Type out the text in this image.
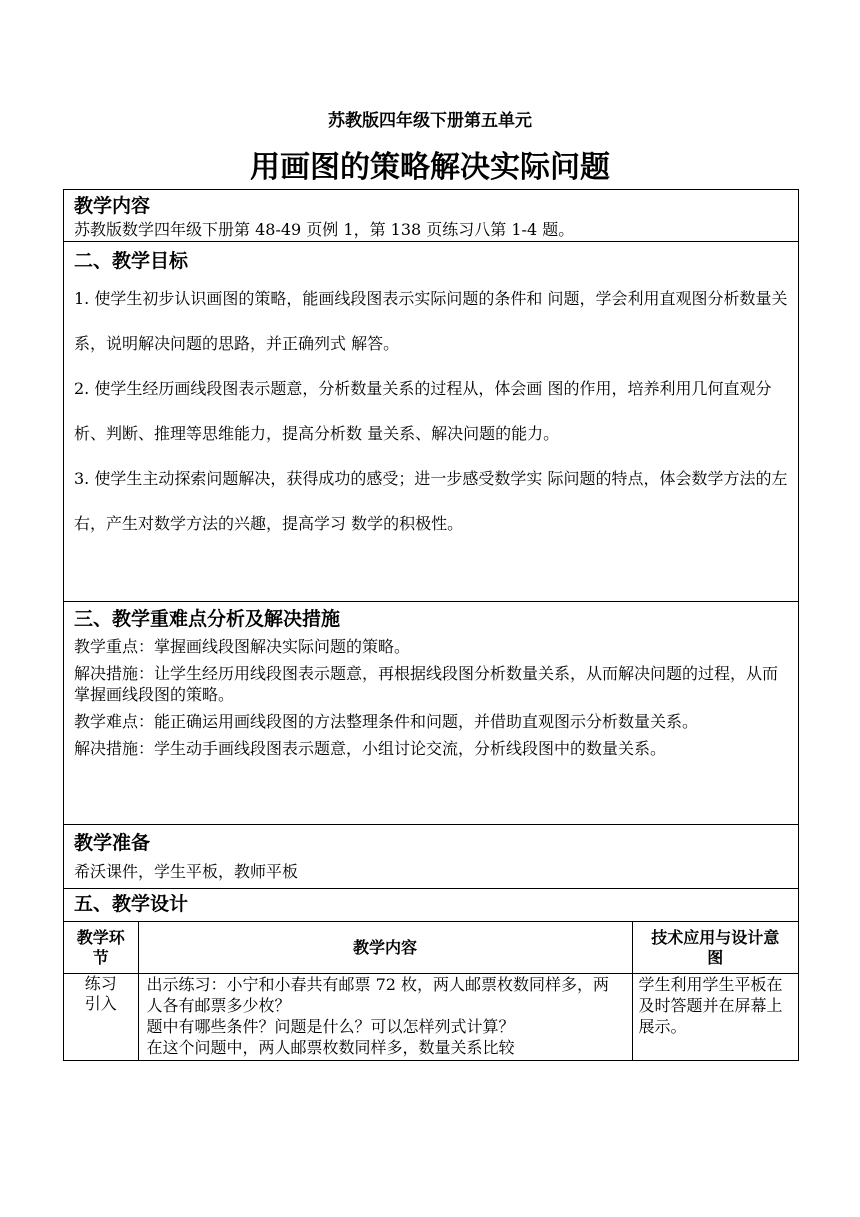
苏教版四年级下册第五单元
用画图的策略解决实际问题
教学内容
苏教版数学四年级下册第 48-49 页例 1，第 138 页练习八第 1-4 题。
二、教学目标

1. 使学生初步认识画图的策略，能画线段图表示实际问题的条件和 问题，学会利用直观图分析数量关系，说明解决问题的思路，并正确列式 解答。

2. 使学生经历画线段图表示题意，分析数量关系的过程从，体会画 图的作用，培养利用几何直观分析、判断、推理等思维能力，提高分析数 量关系、解决问题的能力。

3. 使学生主动探索问题解决，获得成功的感受；进一步感受数学实 际问题的特点，体会数学方法的左右，产生对数学方法的兴趣，提高学习 数学的积极性。

三、教学重难点分析及解决措施
教学重点：掌握画线段图解决实际问题的策略。
解决措施：让学生经历用线段图表示题意，再根据线段图分析数量关系，从而解决问题的过程，从而掌握画线段图的策略。
教学难点：能正确运用画线段图的方法整理条件和问题，并借助直观图示分析数量关系。
解决措施：学生动手画线段图表示题意，小组讨论交流，分析线段图中的数量关系。
教学准备
希沃课件，学生平板，教师平板
五、教学设计
教学环节	教学内容	技术应用与设计意图
练习引入	出示练习：小宁和小春共有邮票 72 枚，两人邮票枚数同样多，两人各有邮票多少枚？
题中有哪些条件？问题是什么？可以怎样列式计算？
在这个问题中，两人邮票枚数同样多，数量关系比较	学生利用学生平板在及时答题并在屏幕上展示。
